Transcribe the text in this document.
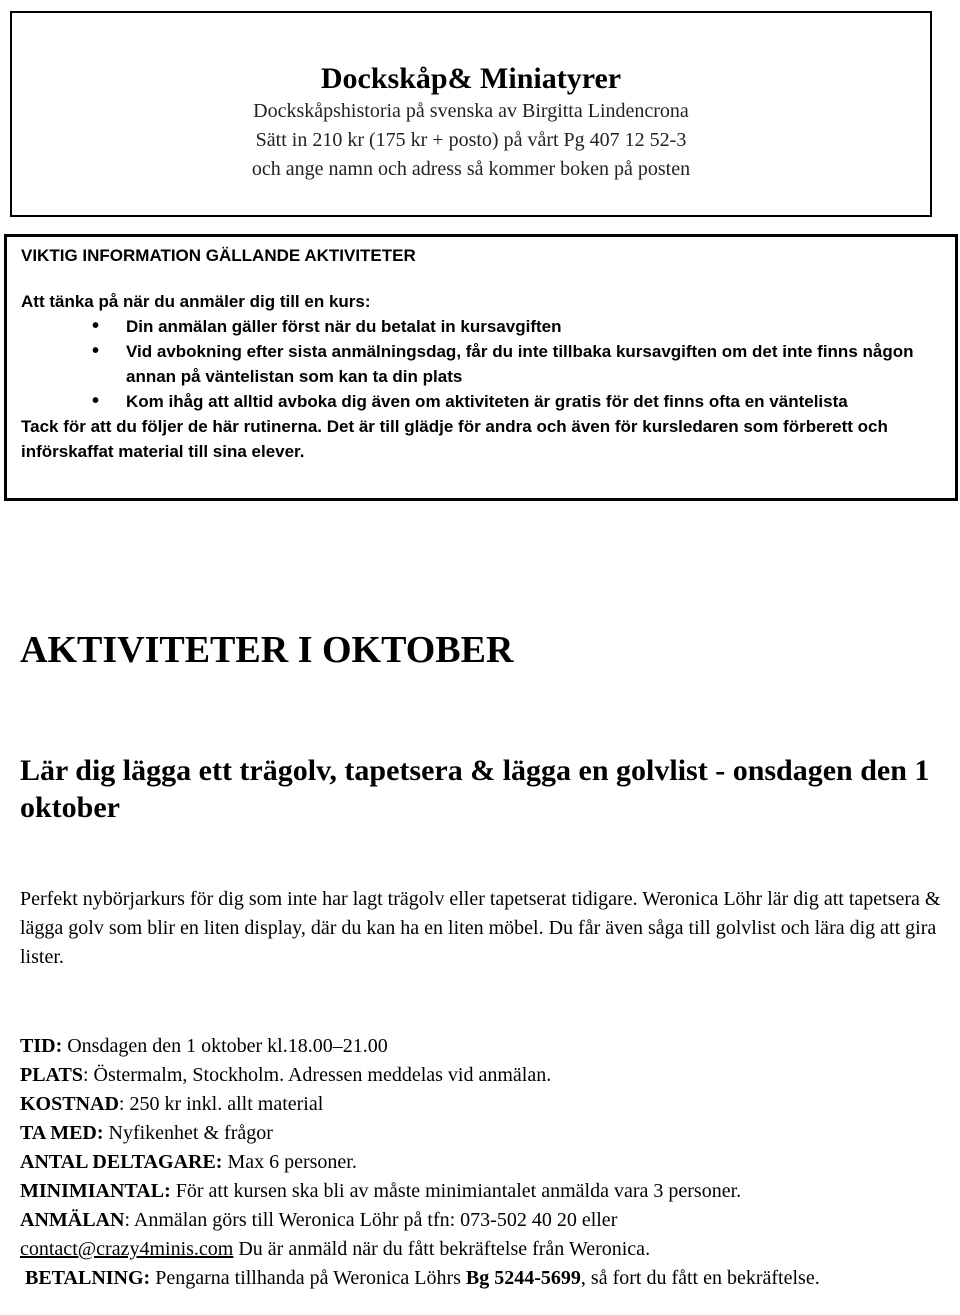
Dockskåp& Miniatyrer
Dockskåpshistoria på svenska av Birgitta Lindencrona
Sätt in 210 kr (175 kr + posto) på vårt Pg 407 12 52-3
och ange namn och adress så kommer boken på posten
VIKTIG INFORMATION GÄLLANDE AKTIVITETER
Att tänka på när du anmäler dig till en kurs:
• Din anmälan gäller först när du betalat in kursavgiften
• Vid avbokning efter sista anmälningsdag, får du inte tillbaka kursavgiften om det inte finns någon annan på väntelistan som kan ta din plats
• Kom ihåg att alltid avboka dig även om aktiviteten är gratis för det finns ofta en väntelista
Tack för att du följer de här rutinerna. Det är till glädje för andra och även för kursledaren som förberett och införskaffat material till sina elever.
AKTIVITETER I OKTOBER
Lär dig lägga ett trägolv, tapetsera & lägga en golvlist - onsdagen den 1 oktober
Perfekt nybörjarkurs för dig som inte har lagt trägolv eller tapetserat tidigare. Weronica Löhr lär dig att tapetsera & lägga golv som blir en liten display, där du kan ha en liten möbel. Du får även såga till golvlist och lära dig att gira lister.
TID: Onsdagen den 1 oktober kl.18.00–21.00
PLATS: Östermalm, Stockholm. Adressen meddelas vid anmälan.
KOSTNAD: 250 kr inkl. allt material
TA MED: Nyfikenhet & frågor
ANTAL DELTAGARE: Max 6 personer.
MINIMIANTAL: För att kursen ska bli av måste minimiantalet anmälda vara 3 personer.
ANMÄLAN: Anmälan görs till Weronica Löhr på tfn: 073-502 40 20 eller
contact@crazy4minis.com Du är anmäld när du fått bekräftelse från Weronica.
BETALNING: Pengarna tillhanda på Weronica Löhrs Bg 5244-5699, så fort du fått en bekräftelse.
